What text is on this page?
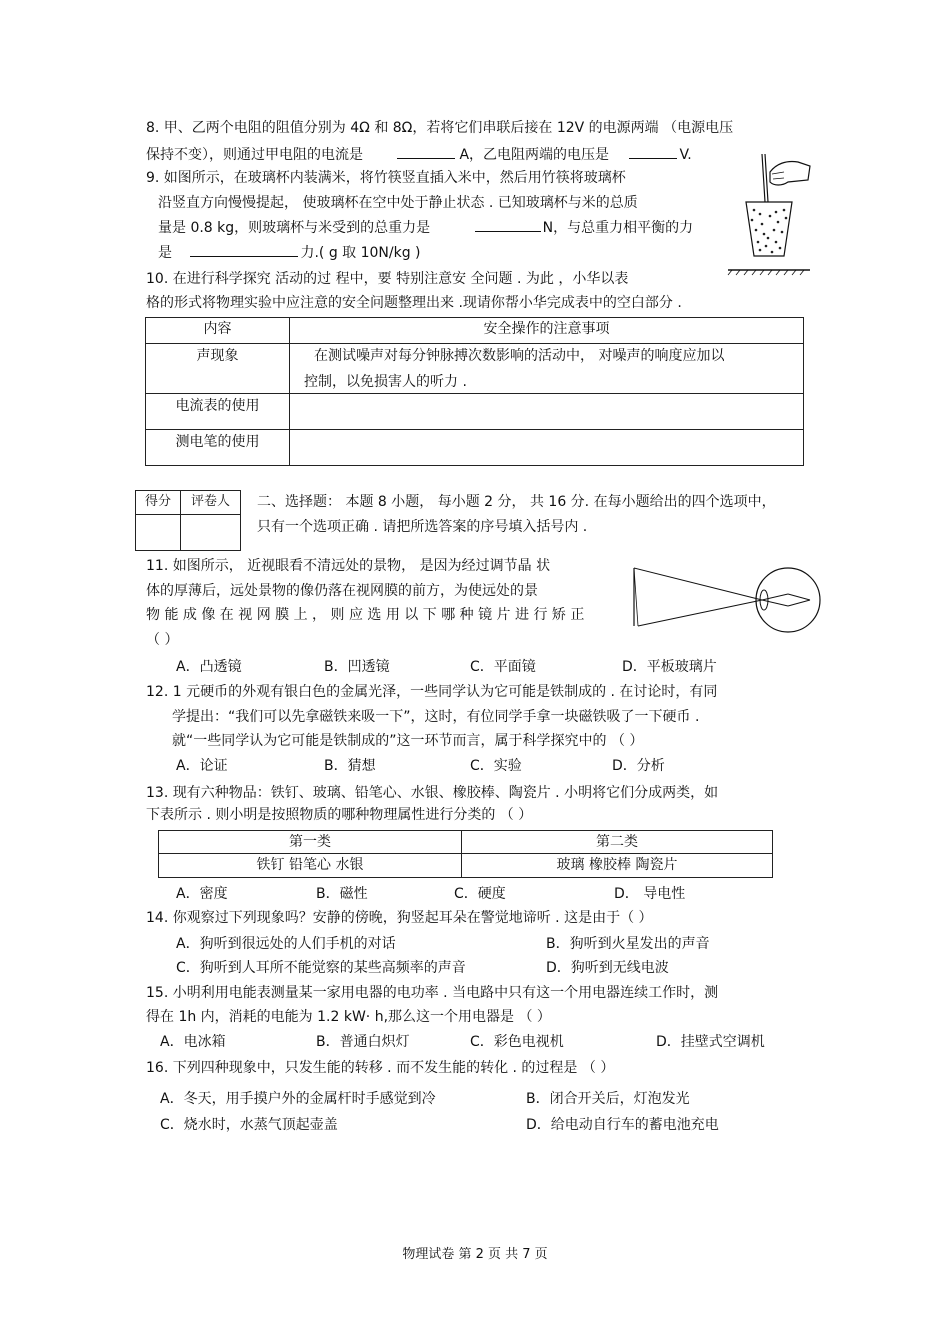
8. 甲、乙两个电阻的阻值分别为 4Ω 和 8Ω，若将它们串联后接在 12V 的电源两端 （电源电压
保持不变），则通过甲电阻的电流是	A，乙电阻两端的电压是	V.
9. 如图所示，在玻璃杯内装满米，将竹筷竖直插入米中，然后用竹筷将玻璃杯
沿竖直方向慢慢提起， 使玻璃杯在空中处于静止状态 . 已知玻璃杯与米的总质
量是 0.8 kg，则玻璃杯与米受到的总重力是	N，与总重力相平衡的力
是	力.( g 取 10N/kg )
10. 在进行科学探究 活动的过 程中，要 特别注意安 全问题 . 为此 ，小华以表
格的形式将物理实验中应注意的安全问题整理出来 .现请你帮小华完成表中的空白部分 .
内容	安全操作的注意事项
声现象	在测试噪声对每分钟脉搏次数影响的活动中， 对噪声的响度应加以
控制，以免损害人的听力 .

电流表的使用	
测电笔的使用	
得分	评卷人
	二、选择题： 本题 8 小题， 每小题 2 分， 共 16 分. 在每小题给出的四个选项中，
只有一个选项正确 . 请把所选答案的序号填入括号内 .
11. 如图所示， 近视眼看不清远处的景物， 是因为经过调节晶 状
体的厚薄后，远处景物的像仍落在视网膜的前方，为使远处的景
物 能 成 像 在 视 网 膜 上 ， 则 应 选 用 以 下 哪 种 镜 片 进 行 矫 正
（ ）
A．凸透镜	B．凹透镜	C．平面镜	D．平板玻璃片
12. 1 元硬币的外观有银白色的金属光泽，一些同学认为它可能是铁制成的 . 在讨论时，有同
学提出：“我们可以先拿磁铁来吸一下”，这时，有位同学手拿一块磁铁吸了一下硬币 .
就“一些同学认为它可能是铁制成的”这一环节而言，属于科学探究中的 （ ）
A．论证	B．猜想	C．实验	D．分析
13. 现有六种物品：铁钉、玻璃、铅笔心、水银、橡胶棒、陶瓷片 . 小明将它们分成两类，如
下表所示 . 则小明是按照物质的哪种物理属性进行分类的 （ ）
第一类	第二类
铁钉 铅笔心 水银	玻璃 橡胶棒 陶瓷片
A．密度	B．磁性	C．硬度	D． 导电性
14. 你观察过下列现象吗？安静的傍晚，狗竖起耳朵在警觉地谛听 . 这是由于（ ）
A．狗听到很远处的人们手机的对话	B．狗听到火星发出的声音
C．狗听到人耳所不能觉察的某些高频率的声音	D．狗听到无线电波
15. 小明利用电能表测量某一家用电器的电功率 . 当电路中只有这一个用电器连续工作时，测
得在 1h 内，消耗的电能为 1.2 kW· h,那么这一个用电器是 （ ）
A．电冰箱	B．普通白炽灯	C．彩色电视机	D．挂壁式空调机
16. 下列四种现象中，只发生能的转移 . 而不发生能的转化 . 的过程是 （ ）
A．冬天，用手摸户外的金属杆时手感觉到冷	B．闭合开关后，灯泡发光
C．烧水时，水蒸气顶起壶盖	D．给电动自行车的蓄电池充电
物理试卷 第 2 页 共 7 页
